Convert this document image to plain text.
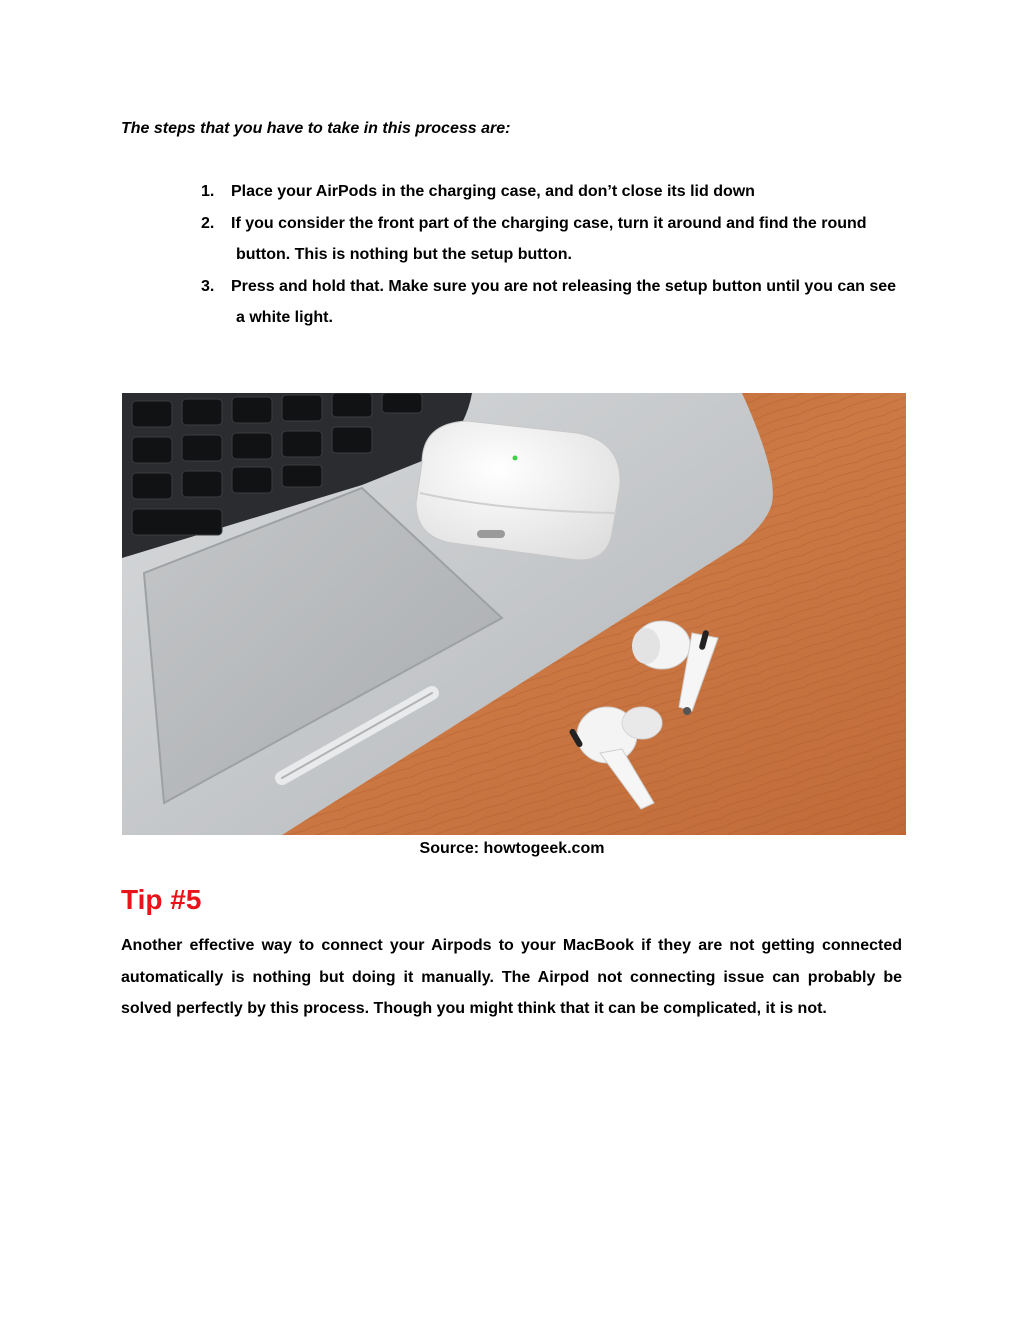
The steps that you have to take in this process are:

1. Place your AirPods in the charging case, and don’t close its lid down
2. If you consider the front part of the charging case, turn it around and find the round button. This is nothing but the setup button.
3. Press and hold that. Make sure you are not releasing the setup button until you can see a white light.
Source: howtogeek.com
Tip #5

Another effective way to connect your Airpods to your MacBook if they are not getting connected automatically is nothing but doing it manually. The Airpod not connecting issue can probably be solved perfectly by this process. Though you might think that it can be complicated, it is not.
